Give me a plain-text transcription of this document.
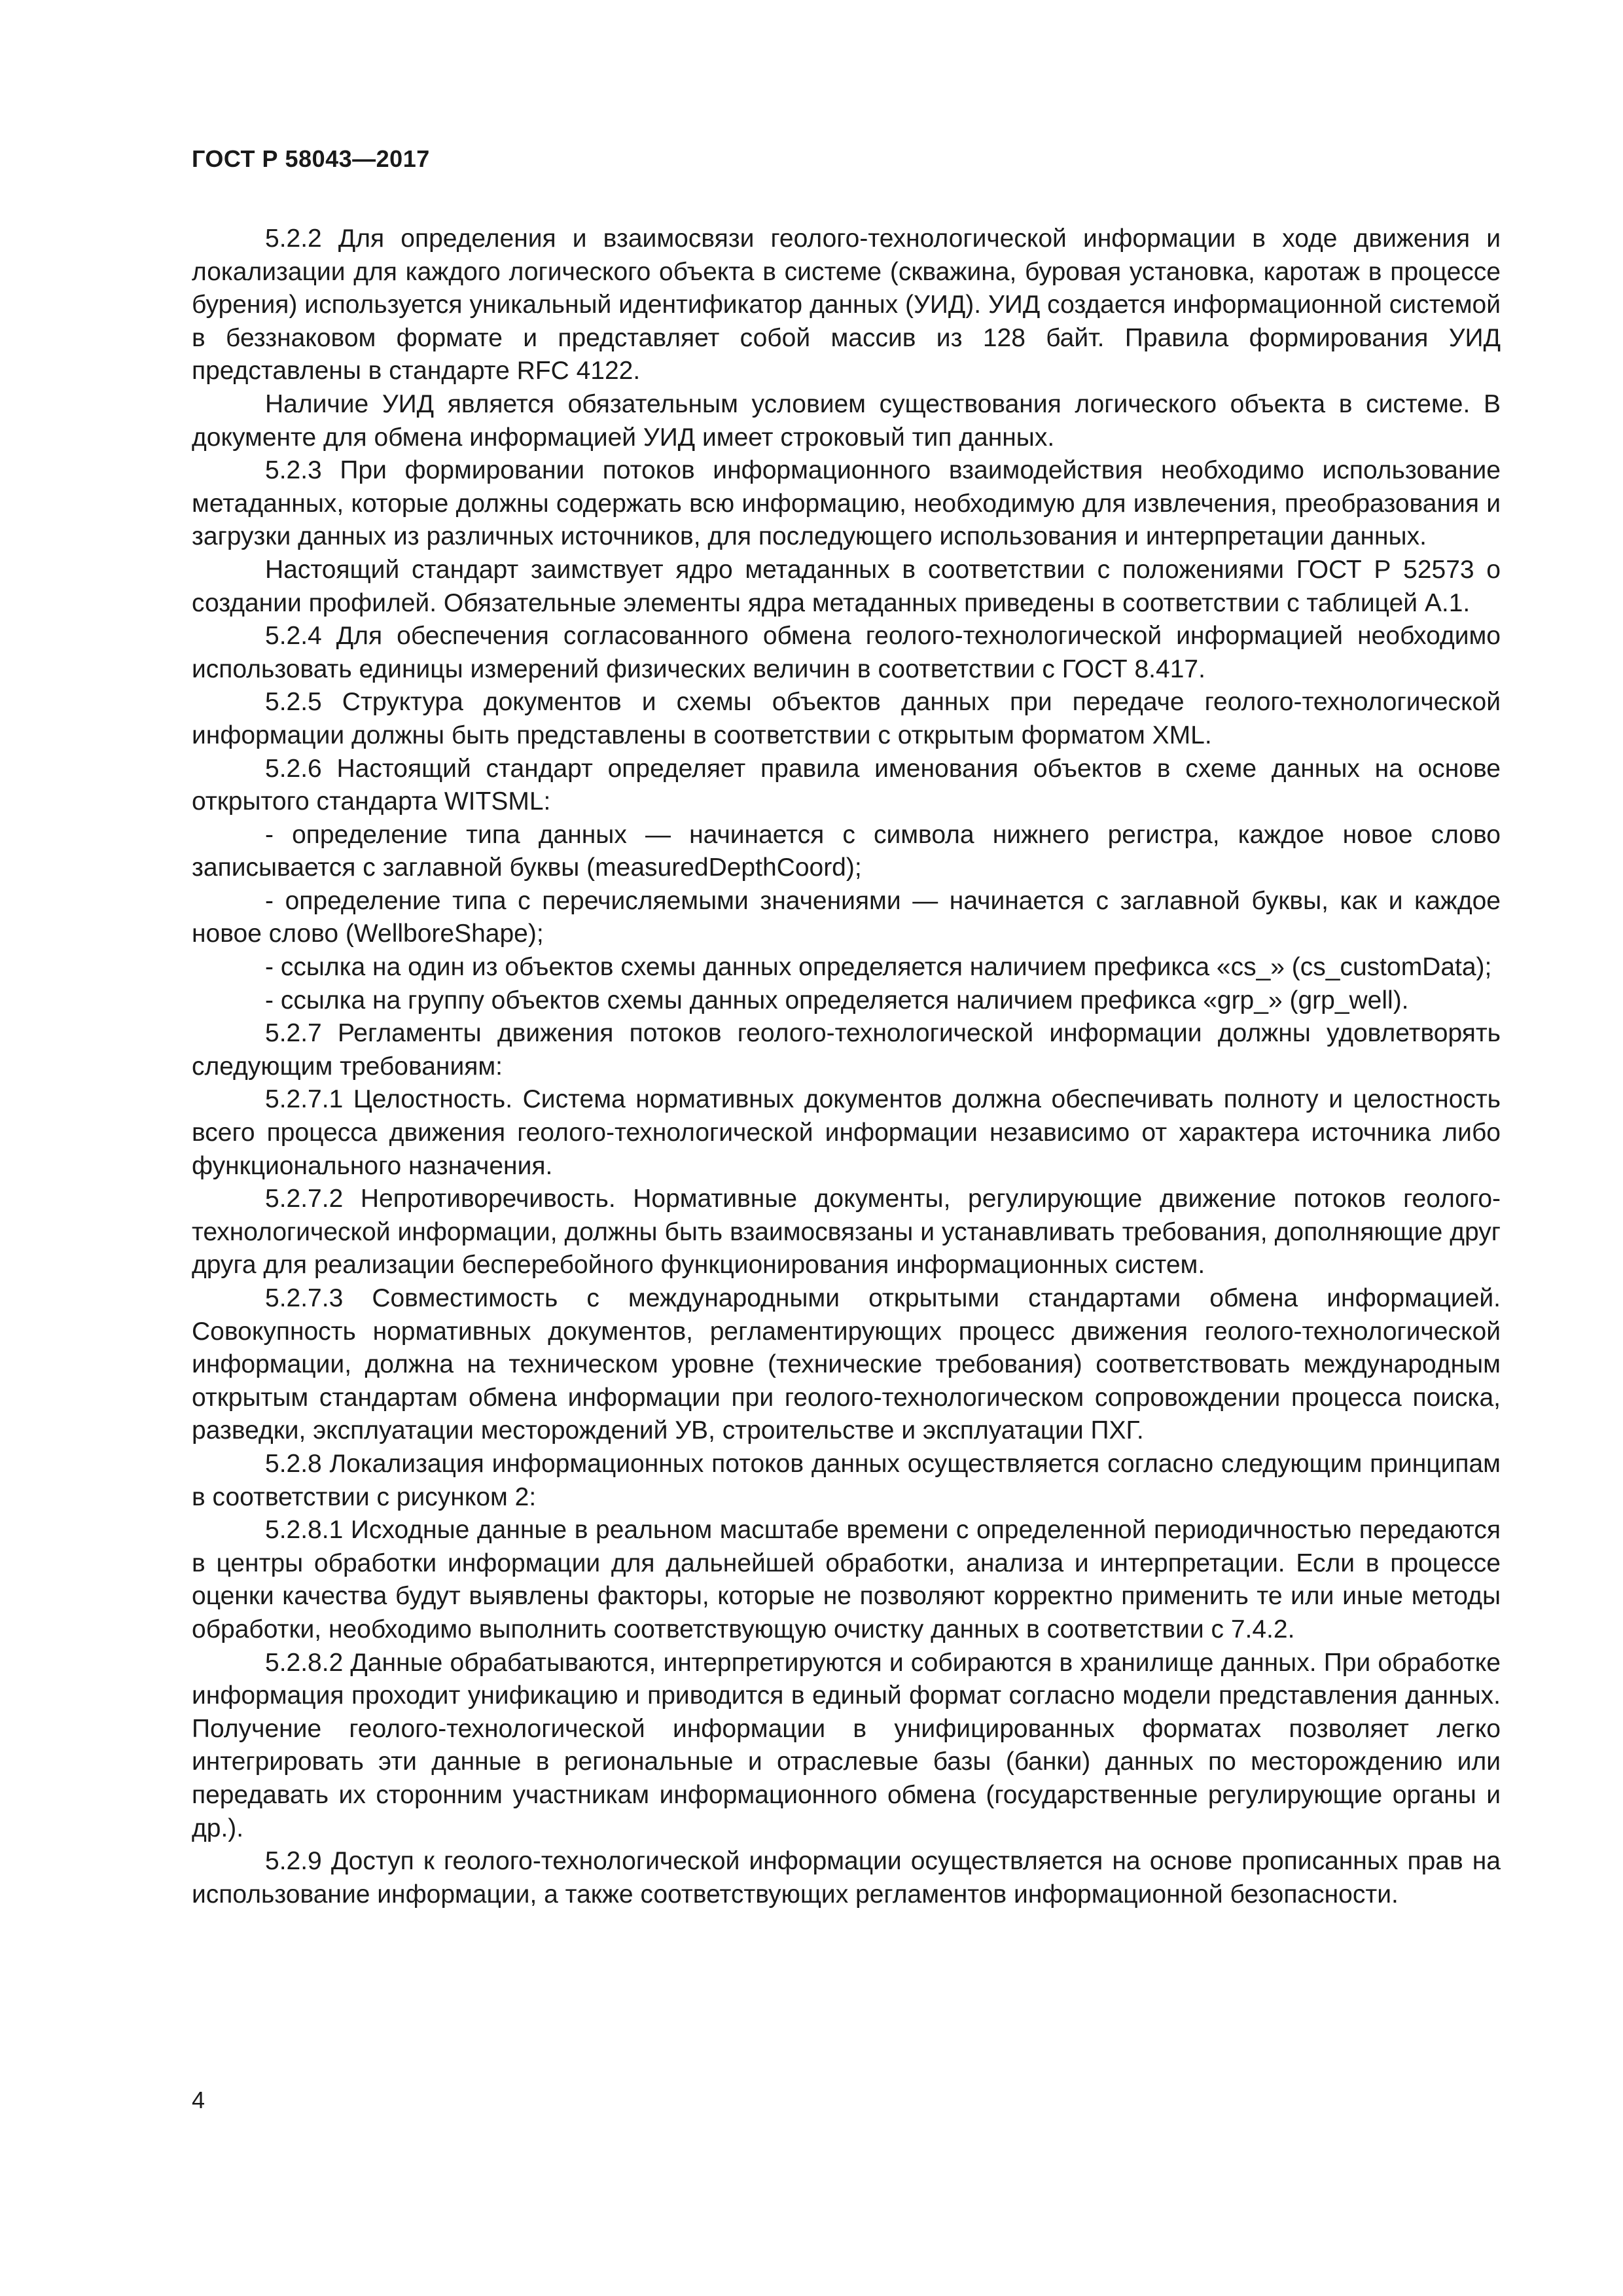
ГОСТ Р 58043—2017

5.2.2 Для определения и взаимосвязи геолого-технологической информации в ходе движения и локализации для каждого логического объекта в системе (скважина, буровая установка, каротаж в процессе бурения) используется уникальный идентификатор данных (УИД). УИД создается информационной системой в беззнаковом формате и представляет собой массив из 128 байт. Правила формирования УИД представлены в стандарте RFC 4122.

Наличие УИД является обязательным условием существования логического объекта в системе. В документе для обмена информацией УИД имеет строковый тип данных.

5.2.3 При формировании потоков информационного взаимодействия необходимо использование метаданных, которые должны содержать всю информацию, необходимую для извлечения, преобразования и загрузки данных из различных источников, для последующего использования и интерпретации данных.

Настоящий стандарт заимствует ядро метаданных в соответствии с положениями ГОСТ Р 52573 о создании профилей. Обязательные элементы ядра метаданных приведены в соответствии с таблицей А.1.

5.2.4 Для обеспечения согласованного обмена геолого-технологической информацией необходимо использовать единицы измерений физических величин в соответствии с ГОСТ 8.417.

5.2.5 Структура документов и схемы объектов данных при передаче геолого-технологической информации должны быть представлены в соответствии с открытым форматом XML.

5.2.6 Настоящий стандарт определяет правила именования объектов в схеме данных на основе открытого стандарта WITSML:

- определение типа данных — начинается с символа нижнего регистра, каждое новое слово записывается с заглавной буквы (measuredDepthCoord);

- определение типа с перечисляемыми значениями — начинается с заглавной буквы, как и каждое новое слово (WellboreShape);

- ссылка на один из объектов схемы данных определяется наличием префикса «cs_» (cs_customData);

- ссылка на группу объектов схемы данных определяется наличием префикса «grp_» (grp_well).

5.2.7 Регламенты движения потоков геолого-технологической информации должны удовлетворять следующим требованиям:

5.2.7.1 Целостность. Система нормативных документов должна обеспечивать полноту и целостность всего процесса движения геолого-технологической информации независимо от характера источника либо функционального назначения.

5.2.7.2 Непротиворечивость. Нормативные документы, регулирующие движение потоков геолого-технологической информации, должны быть взаимосвязаны и устанавливать требования, дополняющие друг друга для реализации бесперебойного функционирования информационных систем.

5.2.7.3 Совместимость с международными открытыми стандартами обмена информацией. Совокупность нормативных документов, регламентирующих процесс движения геолого-технологической информации, должна на техническом уровне (технические требования) соответствовать международным открытым стандартам обмена информации при геолого-технологическом сопровождении процесса поиска, разведки, эксплуатации месторождений УВ, строительстве и эксплуатации ПХГ.

5.2.8 Локализация информационных потоков данных осуществляется согласно следующим принципам в соответствии с рисунком 2:

5.2.8.1 Исходные данные в реальном масштабе времени с определенной периодичностью передаются в центры обработки информации для дальнейшей обработки, анализа и интерпретации. Если в процессе оценки качества будут выявлены факторы, которые не позволяют корректно применить те или иные методы обработки, необходимо выполнить соответствующую очистку данных в соответствии с 7.4.2.

5.2.8.2 Данные обрабатываются, интерпретируются и собираются в хранилище данных. При обработке информация проходит унификацию и приводится в единый формат согласно модели представления данных. Получение геолого-технологической информации в унифицированных форматах позволяет легко интегрировать эти данные в региональные и отраслевые базы (банки) данных по месторождению или передавать их сторонним участникам информационного обмена (государственные регулирующие органы и др.).

5.2.9 Доступ к геолого-технологической информации осуществляется на основе прописанных прав на использование информации, а также соответствующих регламентов информационной безопасности.

4
